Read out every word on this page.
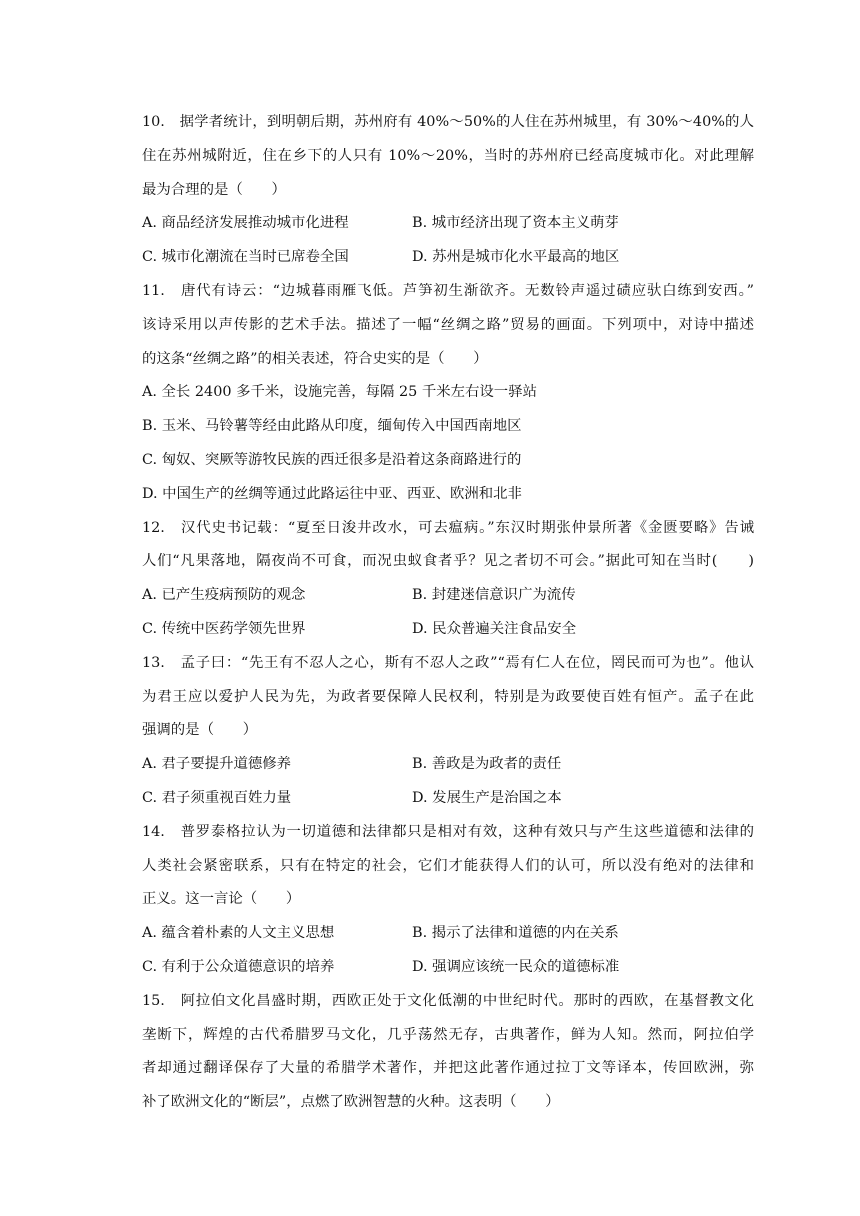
10.　据学者统计，到明朝后期，苏州府有 40%～50%的人住在苏州城里，有 30%～40%的人
住在苏州城附近，住在乡下的人只有 10%～20%，当时的苏州府已经高度城市化。对此理解
最为合理的是（　　）
A. 商品经济发展推动城市化进程	B. 城市经济出现了资本主义萌芽
C. 城市化潮流在当时已席卷全国	D. 苏州是城市化水平最高的地区
11.　唐代有诗云：“边城暮雨雁飞低。芦笋初生渐欲齐。无数铃声遥过碛应驮白练到安西。”
该诗采用以声传影的艺术手法。描述了一幅“丝绸之路”贸易的画面。下列项中，对诗中描述
的这条“丝绸之路”的相关表述，符合史实的是（　　）
A. 全长 2400 多千米，设施完善，每隔 25 千米左右设一驿站
B. 玉米、马铃薯等经由此路从印度，缅甸传入中国西南地区
C. 匈奴、突厥等游牧民族的西迁很多是沿着这条商路进行的
D. 中国生产的丝绸等通过此路运往中亚、西亚、欧洲和北非
12.　汉代史书记载：“夏至日浚井改水，可去瘟病。”东汉时期张仲景所著《金匮要略》告诫
人们“凡果落地，隔夜尚不可食，而况虫蚁食者乎？见之者切不可会。”据此可知在当时(　　)
A. 已产生疫病预防的观念	B. 封建迷信意识广为流传
C. 传统中医药学领先世界	D. 民众普遍关注食品安全
13.　孟子曰：“先王有不忍人之心，斯有不忍人之政”“焉有仁人在位，罔民而可为也”。他认
为君王应以爱护人民为先，为政者要保障人民权利，特别是为政要使百姓有恒产。孟子在此
强调的是（　　）
A. 君子要提升道德修养	B. 善政是为政者的责任
C. 君子须重视百姓力量	D. 发展生产是治国之本
14.　普罗泰格拉认为一切道德和法律都只是相对有效，这种有效只与产生这些道德和法律的
人类社会紧密联系，只有在特定的社会，它们才能获得人们的认可，所以没有绝对的法律和
正义。这一言论（　　）
A. 蕴含着朴素的人文主义思想	B. 揭示了法律和道德的内在关系
C. 有利于公众道德意识的培养	D. 强调应该统一民众的道德标准
15.　阿拉伯文化昌盛时期，西欧正处于文化低潮的中世纪时代。那时的西欧，在基督教文化
垄断下，辉煌的古代希腊罗马文化，几乎荡然无存，古典著作，鲜为人知。然而，阿拉伯学
者却通过翻译保存了大量的希腊学术著作，并把这此著作通过拉丁文等译本，传回欧洲，弥
补了欧洲文化的“断层”，点燃了欧洲智慧的火种。这表明（　　）
